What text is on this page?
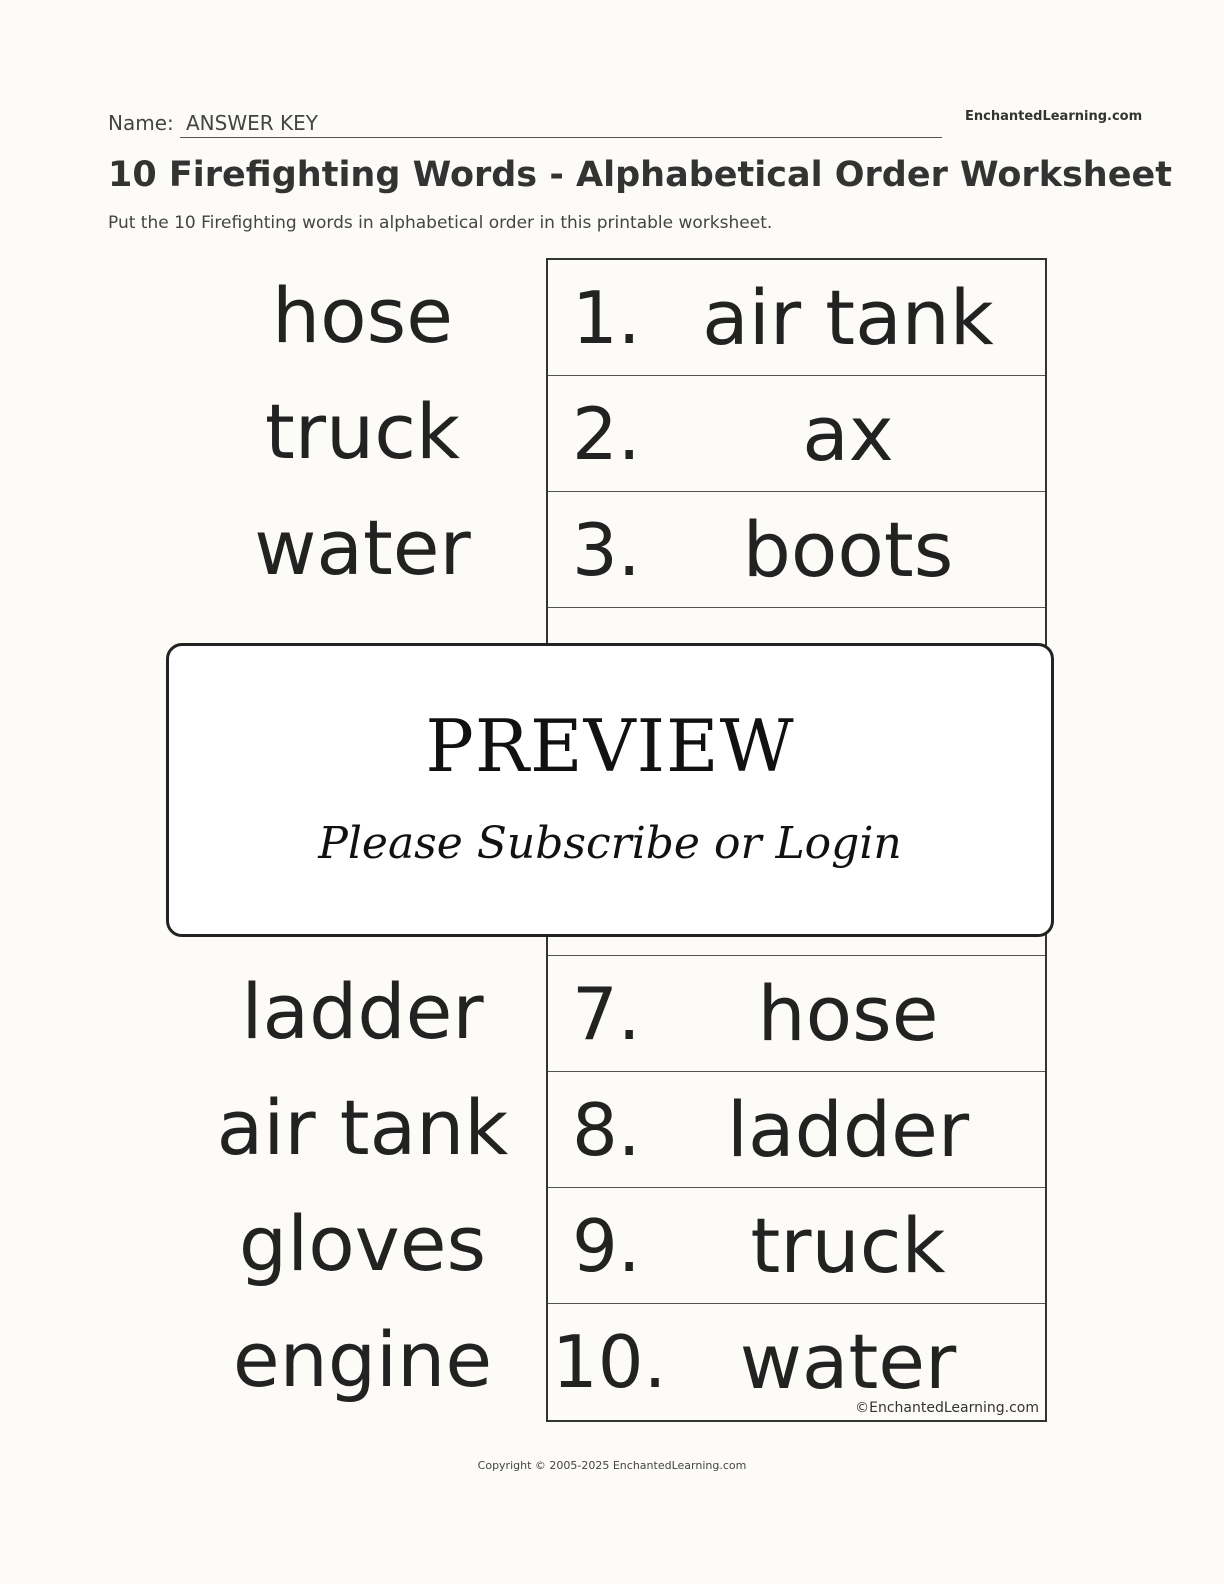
Name: ANSWER KEY	EnchantedLearning.com
10 Firefighting Words - Alphabetical Order Worksheet
Put the 10 Firefighting words in alphabetical order in this printable worksheet.
hose
truck
water
ladder
air tank
gloves
engine
1. air tank
2.	ax
3.	boots
7.	hose
8.	ladder
9.	truck
10. water
©EnchantedLearning.com
PREVIEW
Please Subscribe or Login
Copyright © 2005-2025 EnchantedLearning.com
